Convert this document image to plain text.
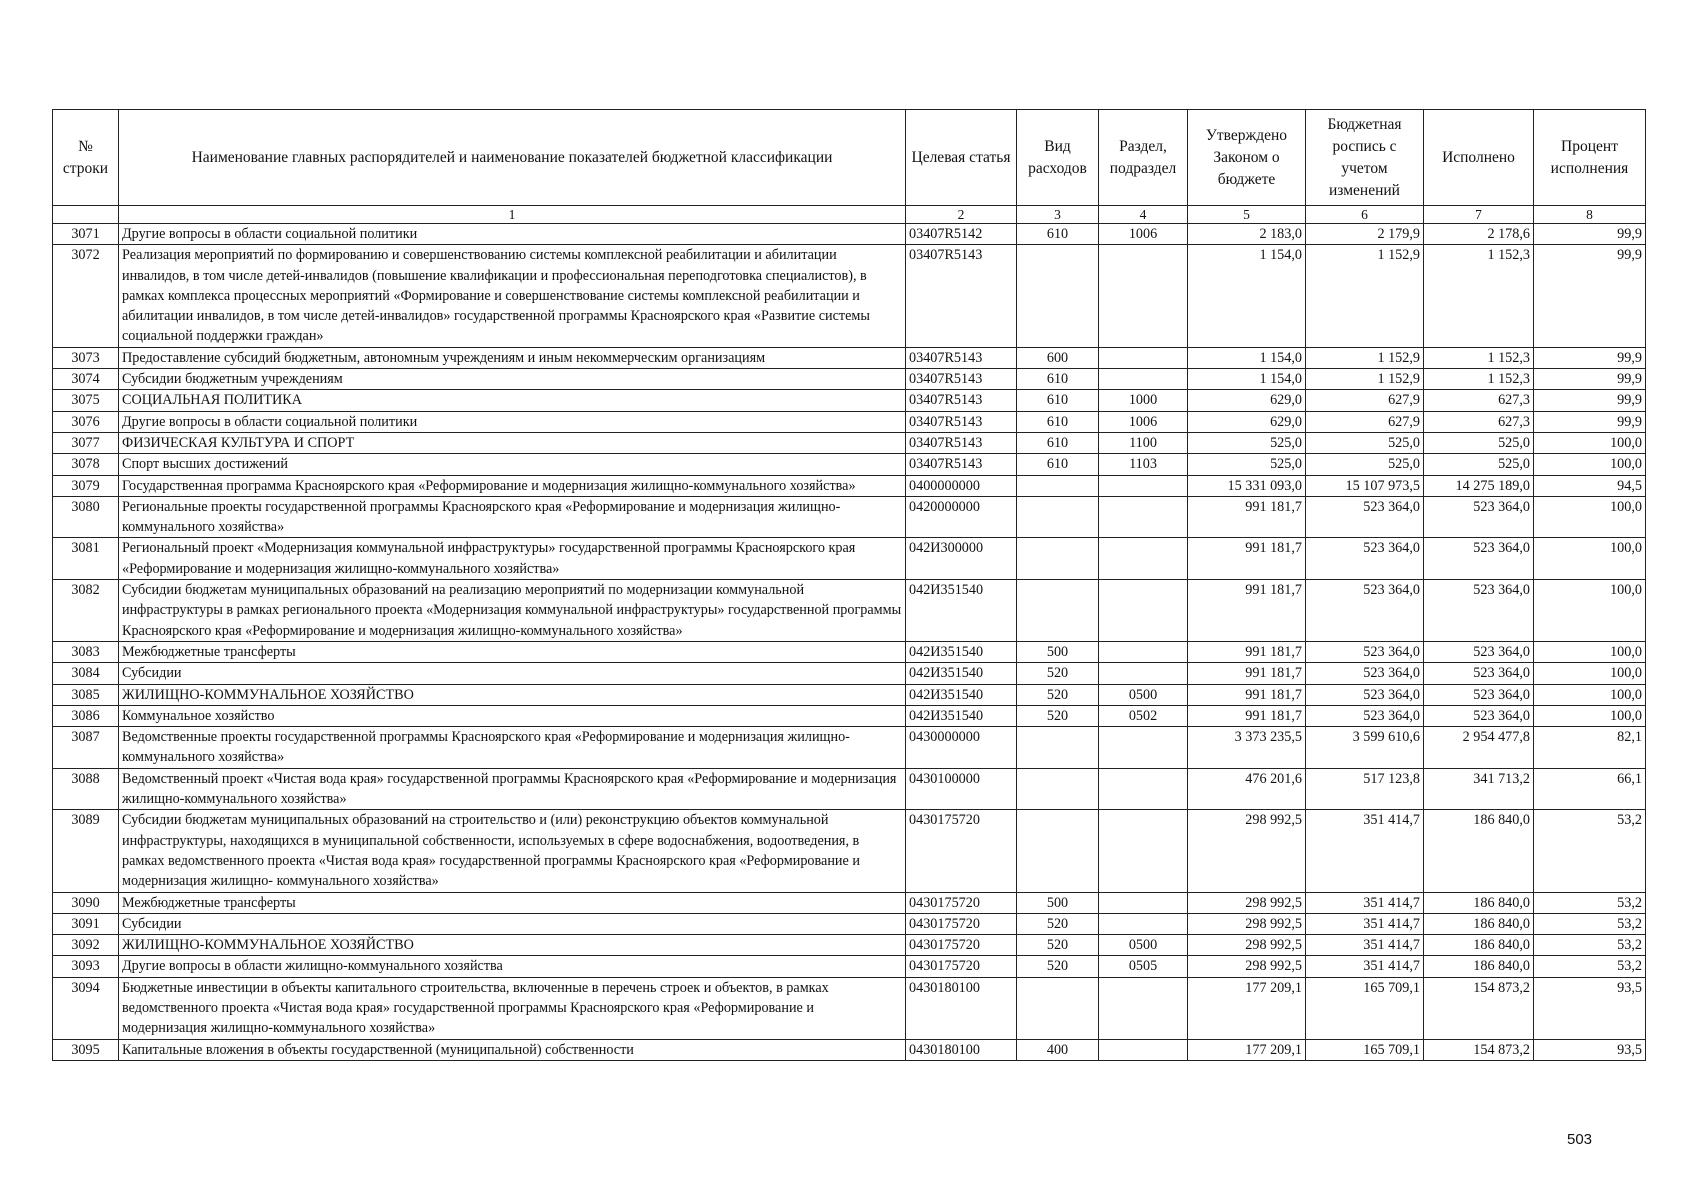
№ строки	Наименование главных распорядителей и наименование показателей бюджетной классификации	Целевая статья	Вид расходов	Раздел, подраздел	Утверждено Законом о бюджете	Бюджетная роспись с учетом изменений	Исполнено	Процент исполнения
	1	2	3	4	5	6	7	8
3071	Другие вопросы в области социальной политики	03407R5142	610	1006	2 183,0	2 179,9	2 178,6	99,9
3072	Реализация мероприятий по формированию и совершенствованию системы комплексной реабилитации и абилитации инвалидов, в том числе детей-инвалидов (повышение квалификации и профессиональная переподготовка специалистов), в рамках комплекса процессных мероприятий «Формирование и совершенствование системы комплексной реабилитации и абилитации инвалидов, в том числе детей-инвалидов» государственной программы Красноярского края «Развитие системы социальной поддержки граждан»	03407R5143			1 154,0	1 152,9	1 152,3	99,9
3073	Предоставление субсидий бюджетным, автономным учреждениям и иным некоммерческим организациям	03407R5143	600		1 154,0	1 152,9	1 152,3	99,9
3074	Субсидии бюджетным учреждениям	03407R5143	610		1 154,0	1 152,9	1 152,3	99,9
3075	СОЦИАЛЬНАЯ ПОЛИТИКА	03407R5143	610	1000	629,0	627,9	627,3	99,9
3076	Другие вопросы в области социальной политики	03407R5143	610	1006	629,0	627,9	627,3	99,9
3077	ФИЗИЧЕСКАЯ КУЛЬТУРА И СПОРТ	03407R5143	610	1100	525,0	525,0	525,0	100,0
3078	Спорт высших достижений	03407R5143	610	1103	525,0	525,0	525,0	100,0
3079	Государственная программа Красноярского края «Реформирование и модернизация жилищно-коммунального хозяйства»	0400000000			15 331 093,0	15 107 973,5	14 275 189,0	94,5
3080	Региональные проекты государственной программы Красноярского края «Реформирование и модернизация жилищно-коммунального хозяйства»	0420000000			991 181,7	523 364,0	523 364,0	100,0
3081	Региональный проект «Модернизация коммунальной инфраструктуры» государственной программы Красноярского края «Реформирование и модернизация жилищно-коммунального хозяйства»	042И300000			991 181,7	523 364,0	523 364,0	100,0
3082	Субсидии бюджетам муниципальных образований на реализацию мероприятий по модернизации коммунальной инфраструктуры в рамках регионального проекта «Модернизация коммунальной инфраструктуры» государственной программы Красноярского края «Реформирование и модернизация жилищно-коммунального хозяйства»	042И351540			991 181,7	523 364,0	523 364,0	100,0
3083	Межбюджетные трансферты	042И351540	500		991 181,7	523 364,0	523 364,0	100,0
3084	Субсидии	042И351540	520		991 181,7	523 364,0	523 364,0	100,0
3085	ЖИЛИЩНО-КОММУНАЛЬНОЕ ХОЗЯЙСТВО	042И351540	520	0500	991 181,7	523 364,0	523 364,0	100,0
3086	Коммунальное хозяйство	042И351540	520	0502	991 181,7	523 364,0	523 364,0	100,0
3087	Ведомственные проекты государственной программы Красноярского края «Реформирование и модернизация жилищно-коммунального хозяйства»	0430000000			3 373 235,5	3 599 610,6	2 954 477,8	82,1
3088	Ведомственный проект «Чистая вода края» государственной программы Красноярского края «Реформирование и модернизация жилищно-коммунального хозяйства»	0430100000			476 201,6	517 123,8	341 713,2	66,1
3089	Субсидии бюджетам муниципальных образований на строительство и (или) реконструкцию объектов коммунальной инфраструктуры, находящихся в муниципальной собственности, используемых в сфере водоснабжения, водоотведения, в рамках ведомственного проекта «Чистая вода края» государственной программы Красноярского края «Реформирование и модернизация жилищно- коммунального хозяйства»	0430175720			298 992,5	351 414,7	186 840,0	53,2
3090	Межбюджетные трансферты	0430175720	500		298 992,5	351 414,7	186 840,0	53,2
3091	Субсидии	0430175720	520		298 992,5	351 414,7	186 840,0	53,2
3092	ЖИЛИЩНО-КОММУНАЛЬНОЕ ХОЗЯЙСТВО	0430175720	520	0500	298 992,5	351 414,7	186 840,0	53,2
3093	Другие вопросы в области жилищно-коммунального хозяйства	0430175720	520	0505	298 992,5	351 414,7	186 840,0	53,2
3094	Бюджетные инвестиции в объекты капитального строительства, включенные в перечень строек и объектов, в рамках ведомственного проекта «Чистая вода края» государственной программы Красноярского края «Реформирование и модернизация жилищно-коммунального хозяйства»	0430180100			177 209,1	165 709,1	154 873,2	93,5
3095	Капитальные вложения в объекты государственной (муниципальной) собственности	0430180100	400		177 209,1	165 709,1	154 873,2	93,5
503
